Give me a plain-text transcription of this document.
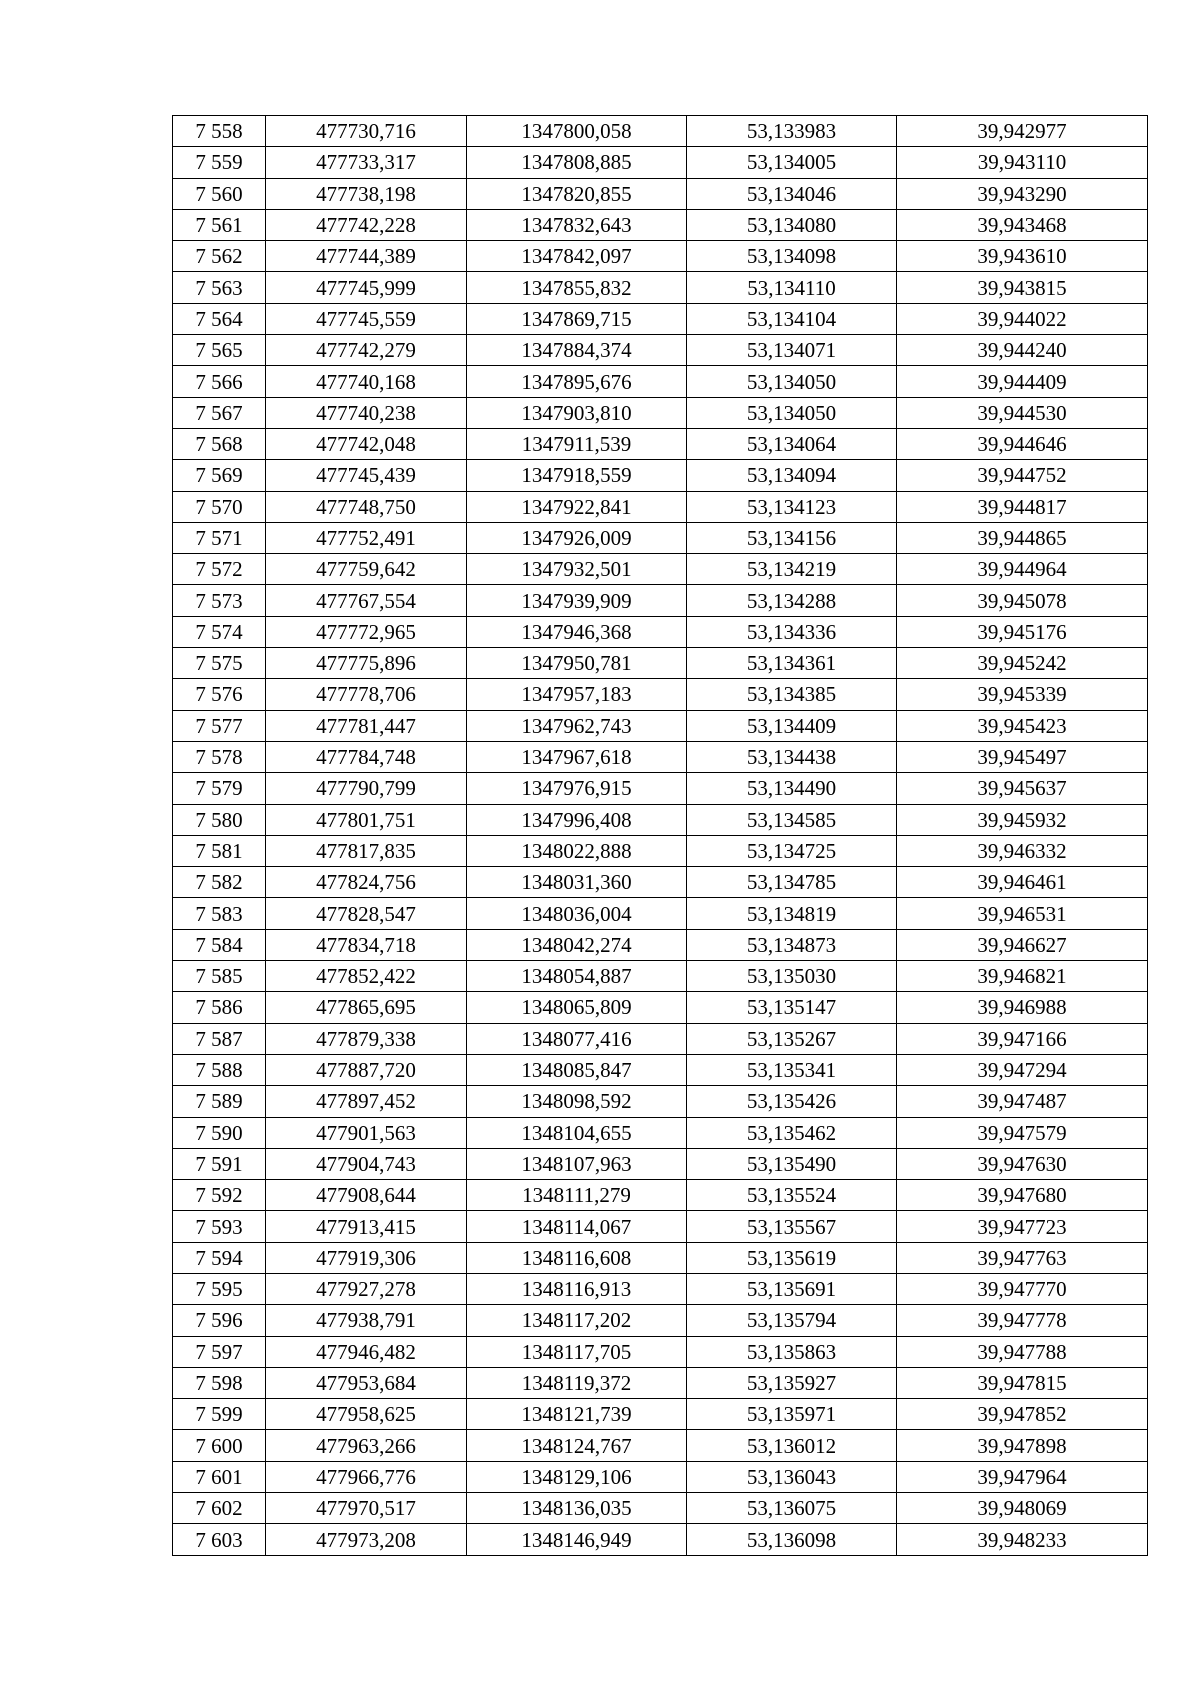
7 558	477730,716	1347800,058	53,133983	39,942977
7 559	477733,317	1347808,885	53,134005	39,943110
7 560	477738,198	1347820,855	53,134046	39,943290
7 561	477742,228	1347832,643	53,134080	39,943468
7 562	477744,389	1347842,097	53,134098	39,943610
7 563	477745,999	1347855,832	53,134110	39,943815
7 564	477745,559	1347869,715	53,134104	39,944022
7 565	477742,279	1347884,374	53,134071	39,944240
7 566	477740,168	1347895,676	53,134050	39,944409
7 567	477740,238	1347903,810	53,134050	39,944530
7 568	477742,048	1347911,539	53,134064	39,944646
7 569	477745,439	1347918,559	53,134094	39,944752
7 570	477748,750	1347922,841	53,134123	39,944817
7 571	477752,491	1347926,009	53,134156	39,944865
7 572	477759,642	1347932,501	53,134219	39,944964
7 573	477767,554	1347939,909	53,134288	39,945078
7 574	477772,965	1347946,368	53,134336	39,945176
7 575	477775,896	1347950,781	53,134361	39,945242
7 576	477778,706	1347957,183	53,134385	39,945339
7 577	477781,447	1347962,743	53,134409	39,945423
7 578	477784,748	1347967,618	53,134438	39,945497
7 579	477790,799	1347976,915	53,134490	39,945637
7 580	477801,751	1347996,408	53,134585	39,945932
7 581	477817,835	1348022,888	53,134725	39,946332
7 582	477824,756	1348031,360	53,134785	39,946461
7 583	477828,547	1348036,004	53,134819	39,946531
7 584	477834,718	1348042,274	53,134873	39,946627
7 585	477852,422	1348054,887	53,135030	39,946821
7 586	477865,695	1348065,809	53,135147	39,946988
7 587	477879,338	1348077,416	53,135267	39,947166
7 588	477887,720	1348085,847	53,135341	39,947294
7 589	477897,452	1348098,592	53,135426	39,947487
7 590	477901,563	1348104,655	53,135462	39,947579
7 591	477904,743	1348107,963	53,135490	39,947630
7 592	477908,644	1348111,279	53,135524	39,947680
7 593	477913,415	1348114,067	53,135567	39,947723
7 594	477919,306	1348116,608	53,135619	39,947763
7 595	477927,278	1348116,913	53,135691	39,947770
7 596	477938,791	1348117,202	53,135794	39,947778
7 597	477946,482	1348117,705	53,135863	39,947788
7 598	477953,684	1348119,372	53,135927	39,947815
7 599	477958,625	1348121,739	53,135971	39,947852
7 600	477963,266	1348124,767	53,136012	39,947898
7 601	477966,776	1348129,106	53,136043	39,947964
7 602	477970,517	1348136,035	53,136075	39,948069
7 603	477973,208	1348146,949	53,136098	39,948233
